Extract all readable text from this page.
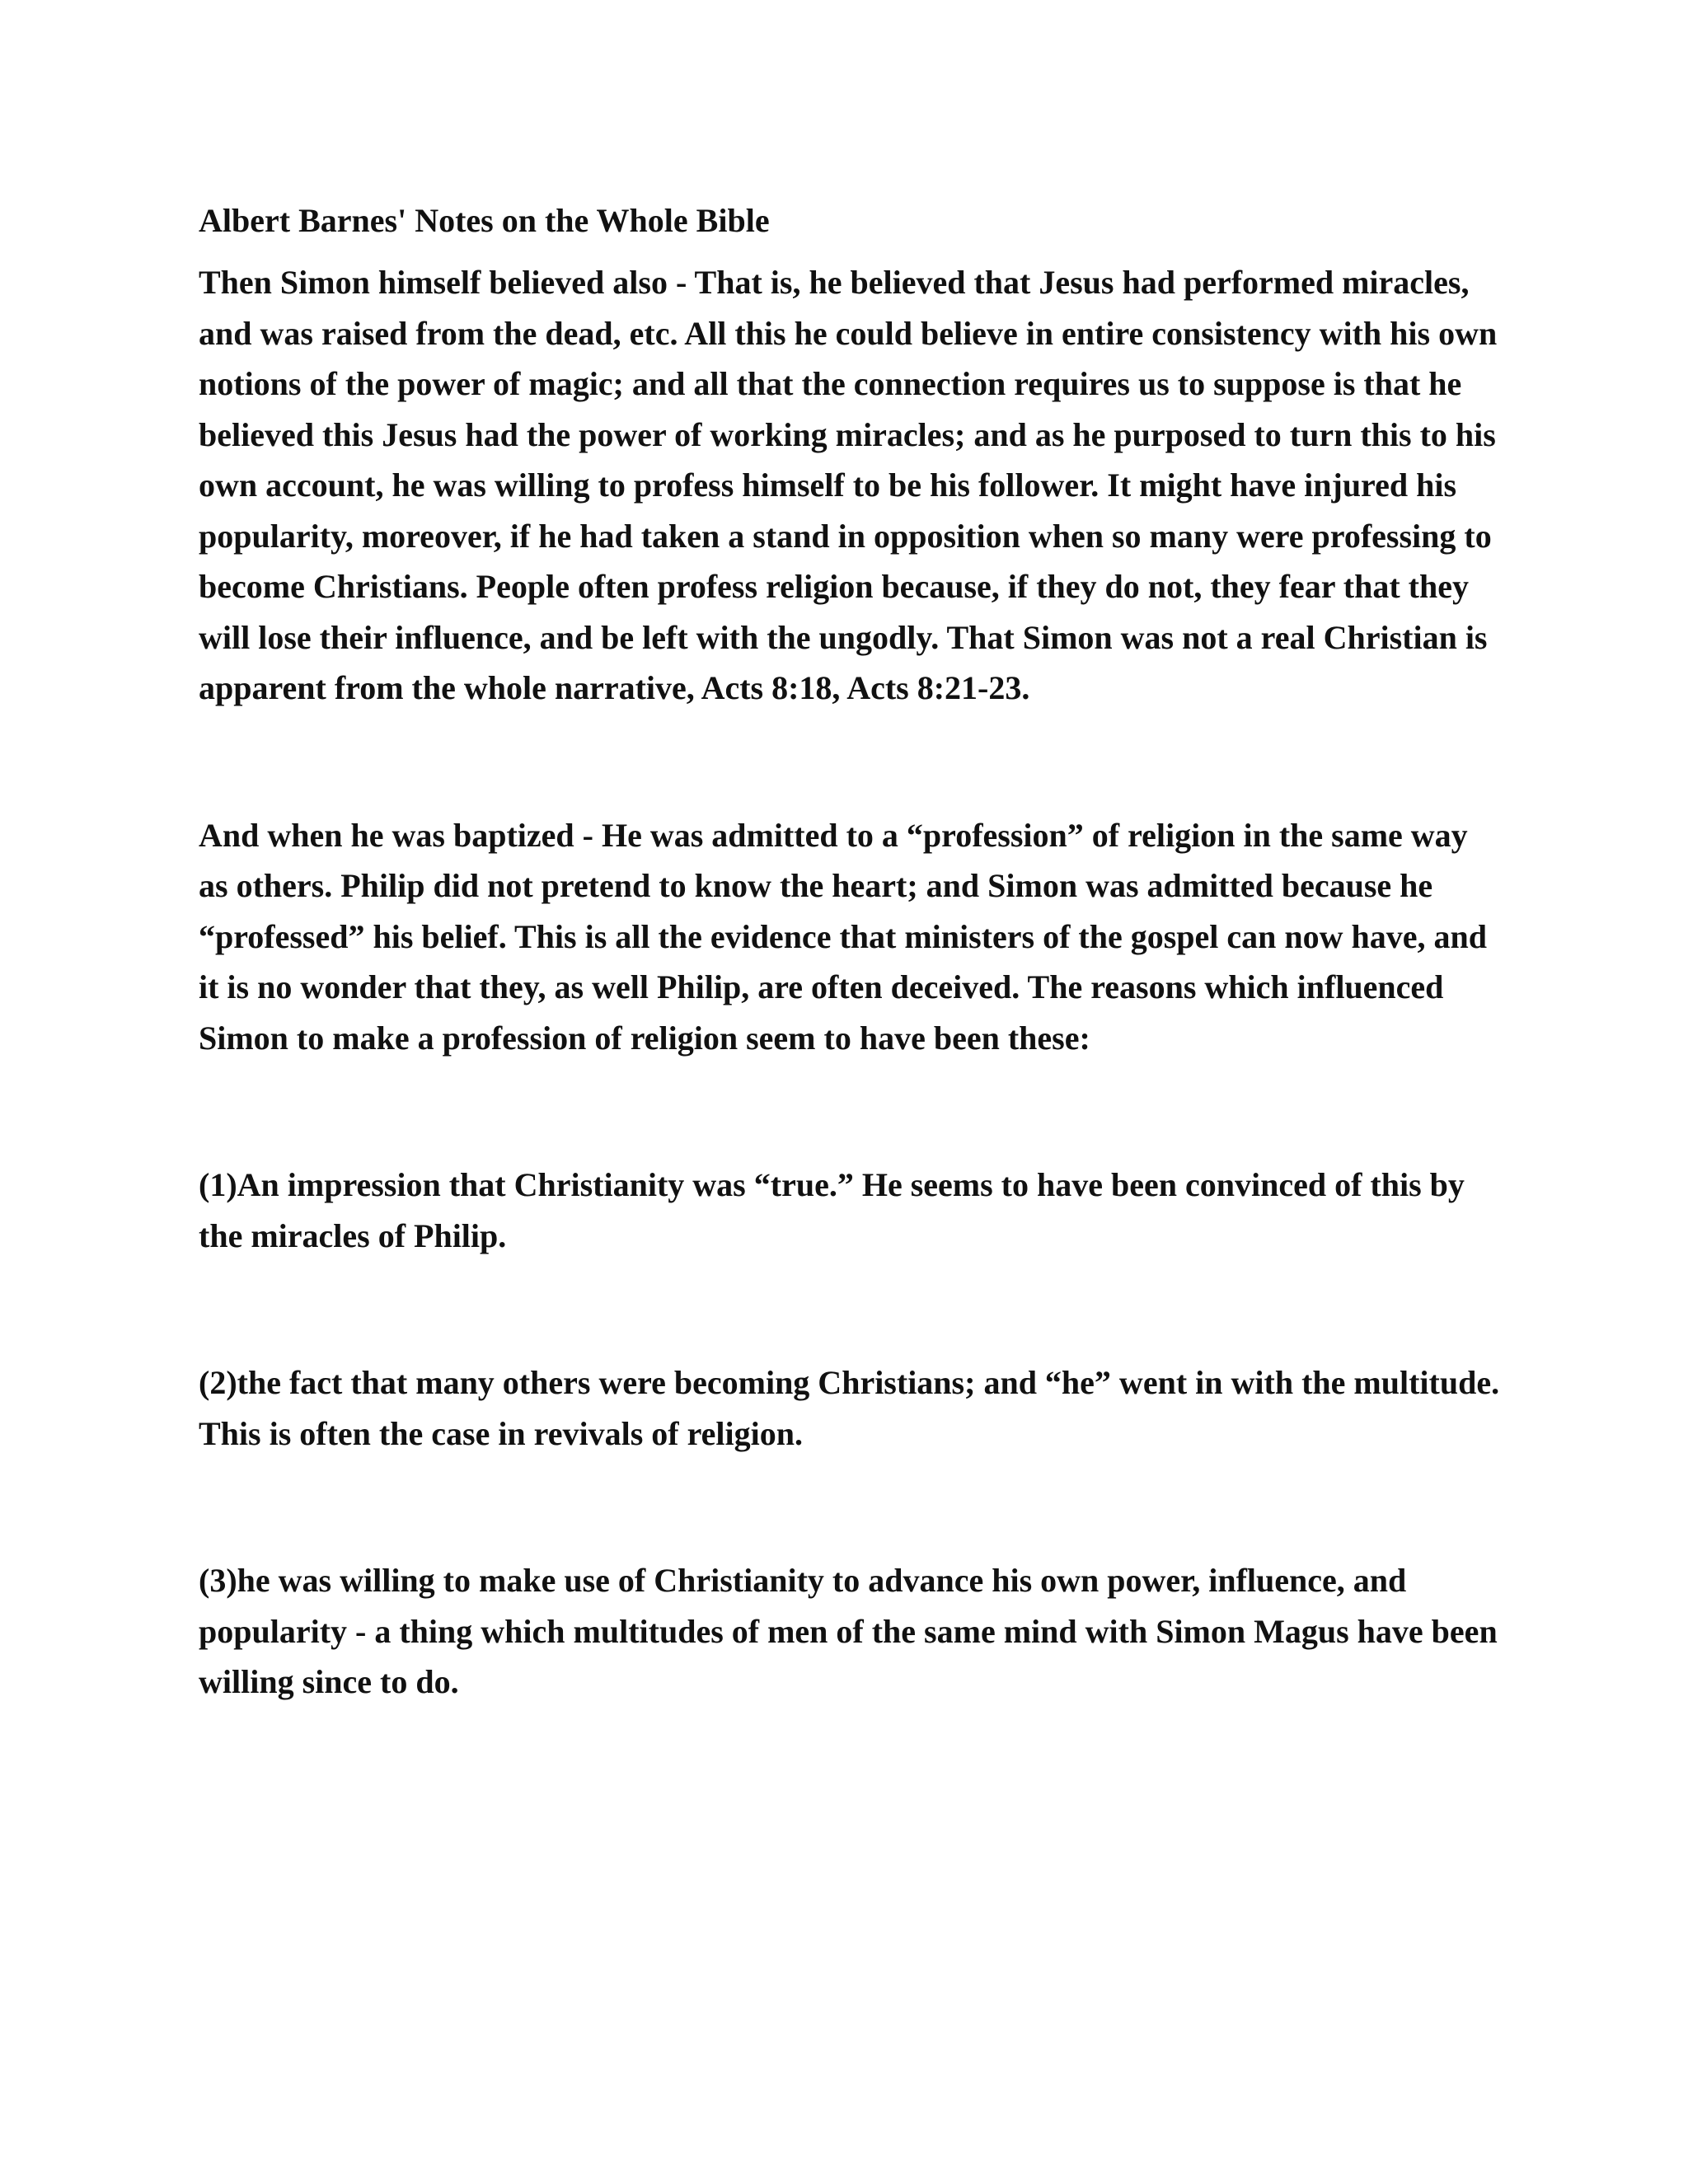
Albert Barnes' Notes on the Whole Bible

Then Simon himself believed also - That is, he believed that Jesus had performed miracles, and was raised from the dead, etc. All this he could believe in entire consistency with his own notions of the power of magic; and all that the connection requires us to suppose is that he believed this Jesus had the power of working miracles; and as he purposed to turn this to his own account, he was willing to profess himself to be his follower. It might have injured his popularity, moreover, if he had taken a stand in opposition when so many were professing to become Christians. People often profess religion because, if they do not, they fear that they will lose their influence, and be left with the ungodly. That Simon was not a real Christian is apparent from the whole narrative, Acts 8:18, Acts 8:21-23.

And when he was baptized - He was admitted to a “profession” of religion in the same way as others. Philip did not pretend to know the heart; and Simon was admitted because he “professed” his belief. This is all the evidence that ministers of the gospel can now have, and it is no wonder that they, as well Philip, are often deceived. The reasons which influenced Simon to make a profession of religion seem to have been these:

(1)An impression that Christianity was “true.” He seems to have been convinced of this by the miracles of Philip.

(2)the fact that many others were becoming Christians; and “he” went in with the multitude. This is often the case in revivals of religion.

(3)he was willing to make use of Christianity to advance his own power, influence, and popularity - a thing which multitudes of men of the same mind with Simon Magus have been willing since to do.
